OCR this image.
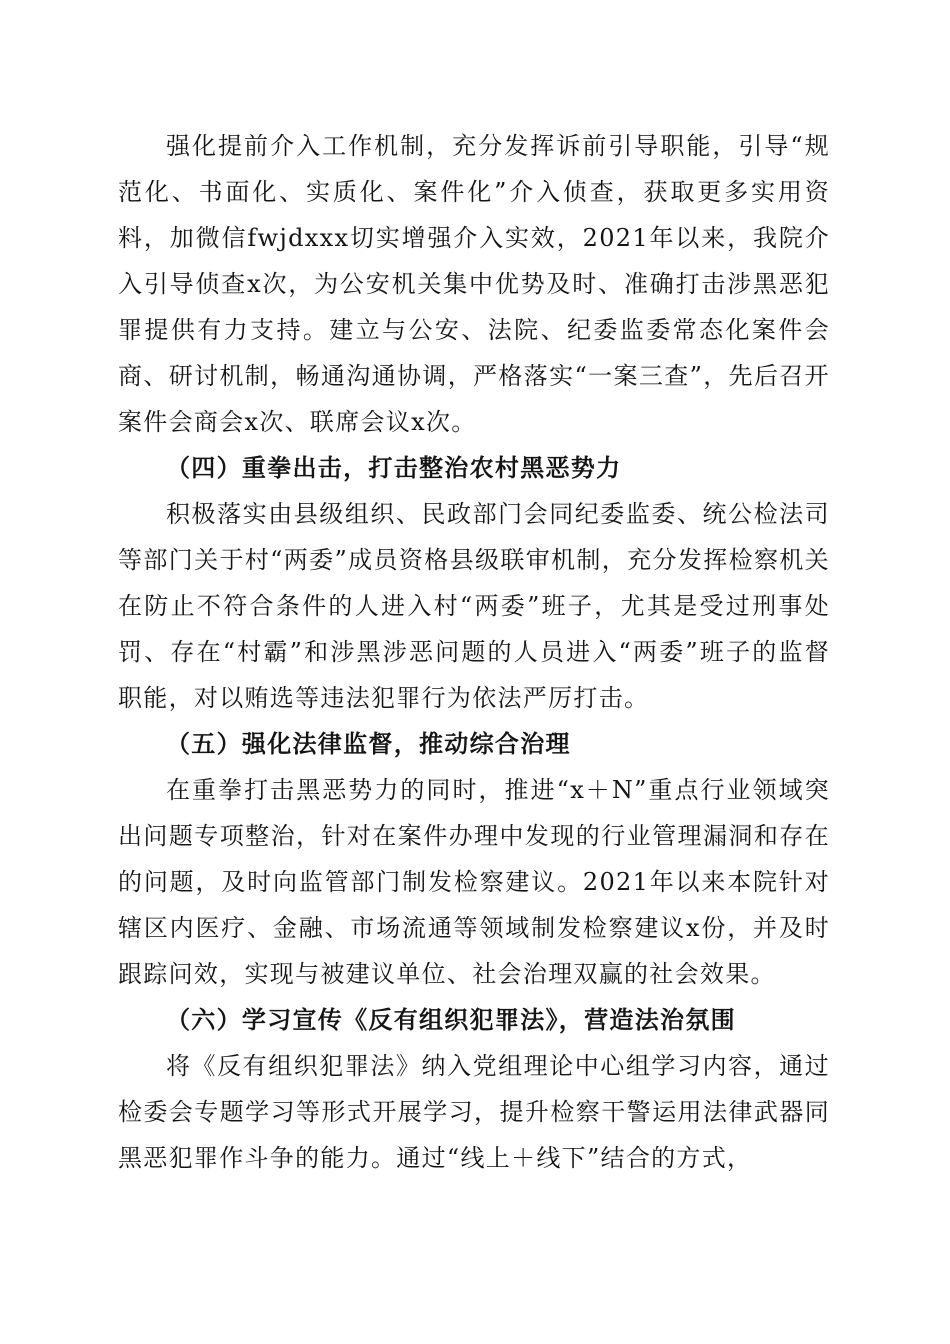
强化提前介入工作机制，充分发挥诉前引导职能，引导“规范化、书面化、实质化、案件化”介入侦查，获取更多实用资料，加微信fwjdxxx切实增强介入实效，2021年以来，我院介入引导侦查x次，为公安机关集中优势及时、准确打击涉黑恶犯罪提供有力支持。建立与公安、法院、纪委监委常态化案件会商、研讨机制，畅通沟通协调，严格落实“一案三查”，先后召开案件会商会x次、联席会议x次。

（四）重拳出击，打击整治农村黑恶势力

积极落实由县级组织、民政部门会同纪委监委、统公检法司等部门关于村“两委”成员资格县级联审机制，充分发挥检察机关在防止不符合条件的人进入村“两委”班子，尤其是受过刑事处罚、存在“村霸”和涉黑涉恶问题的人员进入“两委”班子的监督职能，对以贿选等违法犯罪行为依法严厉打击。

（五）强化法律监督，推动综合治理

在重拳打击黑恶势力的同时，推进“x＋N”重点行业领域突出问题专项整治，针对在案件办理中发现的行业管理漏洞和存在的问题，及时向监管部门制发检察建议。2021年以来本院针对辖区内医疗、金融、市场流通等领域制发检察建议x份，并及时跟踪问效，实现与被建议单位、社会治理双赢的社会效果。

（六）学习宣传《反有组织犯罪法》，营造法治氛围

将《反有组织犯罪法》纳入党组理论中心组学习内容，通过检委会专题学习等形式开展学习，提升检察干警运用法律武器同黑恶犯罪作斗争的能力。通过“线上＋线下”结合的方式，
